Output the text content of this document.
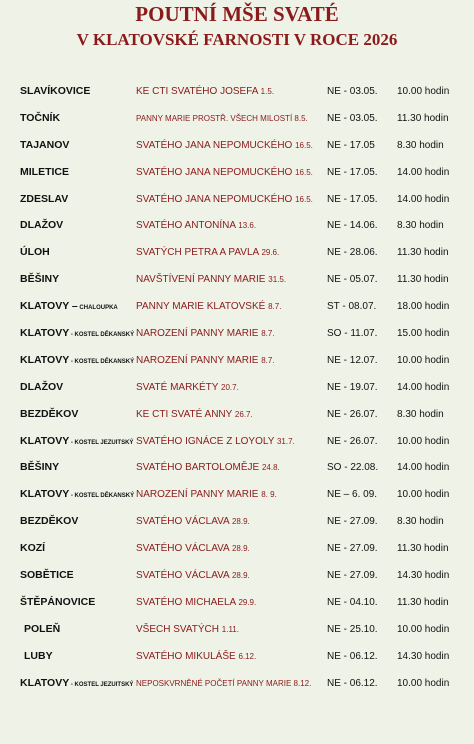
POUTNÍ MŠE SVATÉ
V KLATOVSKÉ FARNOSTI V ROCE 2026
SLAVÍKOVICE	KE CTI SVATÉHO JOSEFA 1.5.	NE - 03.05. 10.00 hodin
TOČNÍK	PANNY MARIE PROSTŘ. VŠECH MILOSTÍ 8.5. NE - 03.05. 11.30 hodin
TAJANOV	SVATÉHO JANA NEPOMUCKÉHO 16.5. NE - 17.05 8.30 hodin
MILETICE	SVATÉHO JANA NEPOMUCKÉHO 16.5. NE - 17.05. 14.00 hodin
ZDESLAV	SVATÉHO JANA NEPOMUCKÉHO 16.5. NE - 17.05. 14.00 hodin
DLAŽOV	SVATÉHO ANTONÍNA 13.6.	NE - 14.06. 8.30 hodin
ÚLOH	SVATÝCH PETRA A PAVLA 29.6.	NE - 28.06. 11.30 hodin
BĚŠINY	NAVŠTÍVENÍ PANNY MARIE 31.5.	NE - 05.07. 11.30 hodin
KLATOVY – CHALOUPKA PANNY MARIE KLATOVSKÉ 8.7.	ST - 08.07. 18.00 hodin
KLATOVY - KOSTEL DĚKANSKÝ NAROZENÍ PANNY MARIE 8.7.	SO - 11.07. 15.00 hodin
KLATOVY - KOSTEL DĚKANSKÝ NAROZENÍ PANNY MARIE 8.7.	NE - 12.07. 10.00 hodin
DLAŽOV	SVATÉ MARKÉTY 20.7.	NE - 19.07. 14.00 hodin
BEZDĚKOV	KE CTI SVATÉ ANNY 26.7.	NE - 26.07. 8.30 hodin
KLATOVY - KOSTEL JEZUITSKÝ SVATÉHO IGNÁCE Z LOYOLY 31.7.	NE - 26.07. 10.00 hodin
BĚŠINY	SVATÉHO BARTOLOMĚJE 24.8.	SO - 22.08. 14.00 hodin
KLATOVY - KOSTEL DĚKANSKÝ NAROZENÍ PANNY MARIE 8. 9.	NE – 6. 09. 10.00 hodin
BEZDĚKOV	SVATÉHO VÁCLAVA 28.9.	NE - 27.09. 8.30 hodin
KOZÍ	SVATÉHO VÁCLAVA 28.9.	NE - 27.09. 11.30 hodin
SOBĚTICE	SVATÉHO VÁCLAVA 28.9.	NE - 27.09. 14.30 hodin
ŠTĚPÁNOVICE	SVATÉHO MICHAELA 29.9.	NE - 04.10. 11.30 hodin
POLEŇ	VŠECH SVATÝCH 1.11.	NE - 25.10. 10.00 hodin
LUBY	SVATÉHO MIKULÁŠE 6.12.	NE - 06.12. 14.30 hodin
KLATOVY - KOSTEL JEZUITSKÝ NEPOSKVRNĚNÉ POČETÍ PANNY MARIE 8.12. NE - 06.12. 10.00 hodin
